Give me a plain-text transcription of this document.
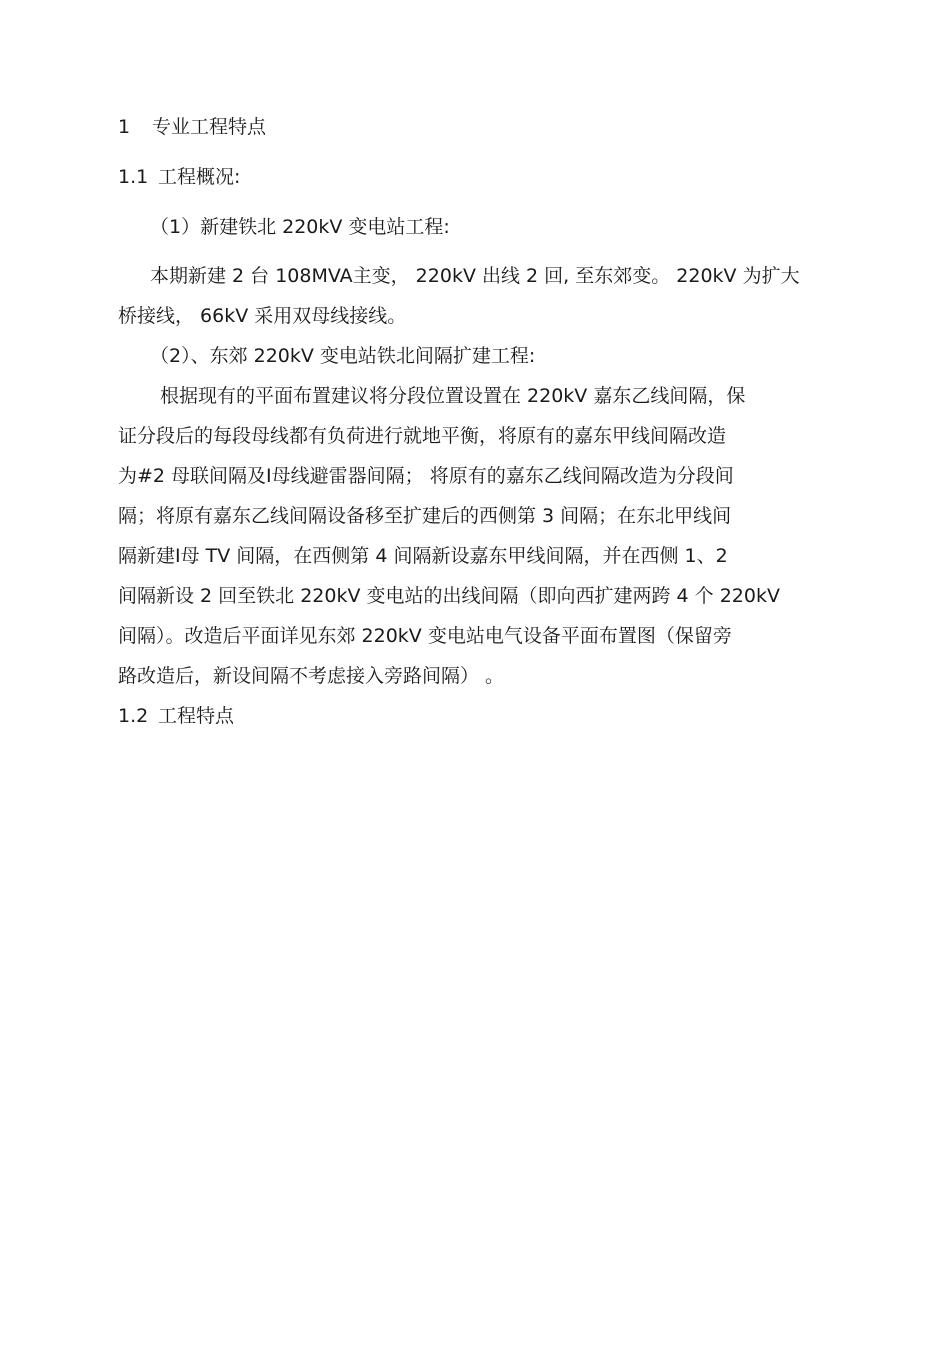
1 专业工程特点
1.1 工程概况:
（1）新建铁北 220kV 变电站工程:
本期新建 2 台 108MVA主变， 220kV 出线 2 回, 至东郊变。 220kV 为扩大
桥接线， 66kV 采用双母线接线。
（2）、东郊 220kV 变电站铁北间隔扩建工程:
根据现有的平面布置建议将分段位置设置在 220kV 嘉东乙线间隔，保
证分段后的每段母线都有负荷进行就地平衡，将原有的嘉东甲线间隔改造
为#2 母联间隔及Ⅰ母线避雷器间隔； 将原有的嘉东乙线间隔改造为分段间
隔；将原有嘉东乙线间隔设备移至扩建后的西侧第 3 间隔；在东北甲线间
隔新建Ⅰ母 TV 间隔，在西侧第 4 间隔新设嘉东甲线间隔，并在西侧 1、2
间隔新设 2 回至铁北 220kV 变电站的出线间隔（即向西扩建两跨 4 个 220kV
间隔）。改造后平面详见东郊 220kV 变电站电气设备平面布置图（保留旁
路改造后，新设间隔不考虑接入旁路间隔） 。
1.2 工程特点
